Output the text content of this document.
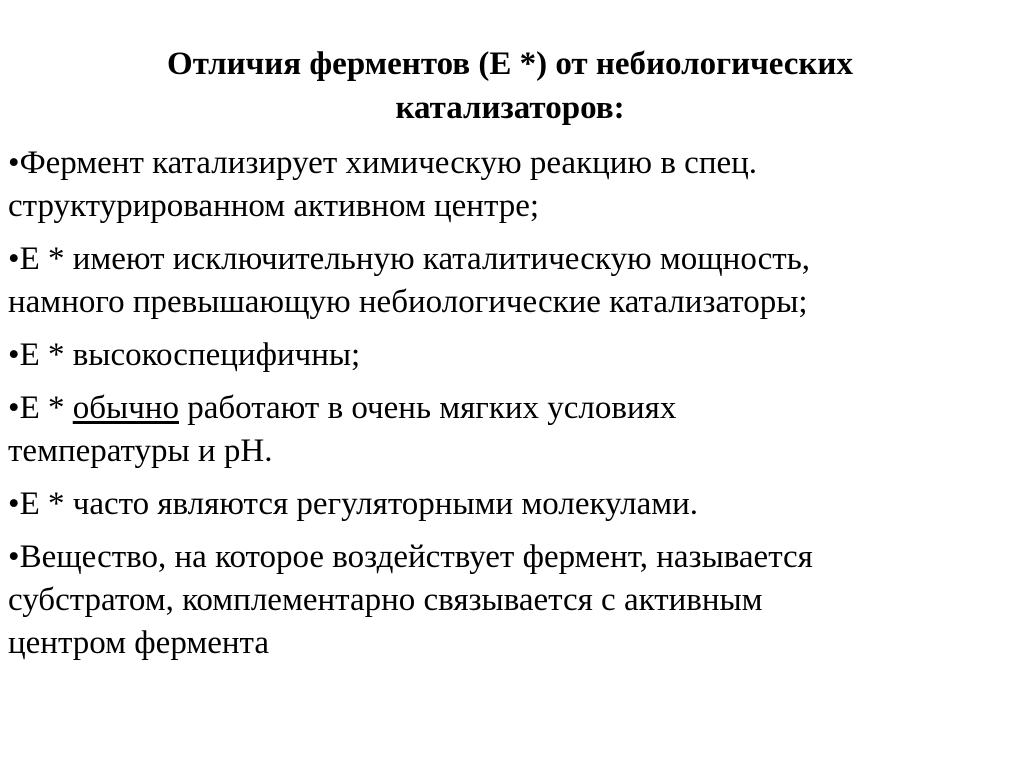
Отличия ферментов (Е *) от небиологических
катализаторов:
•Фермент катализирует химическую реакцию в спец.
структурированном активном центре;
•Е * имеют исключительную каталитическую мощность,
намного превышающую небиологические катализаторы;
•Е * высокоспецифичны;
•Е * обычно работают в очень мягких условиях
температуры и рН.
•Е * часто являются регуляторными молекулами.
•Вещество, на которое воздействует фермент, называется
субстратом, комплементарно связывается с активным
центром фермента
